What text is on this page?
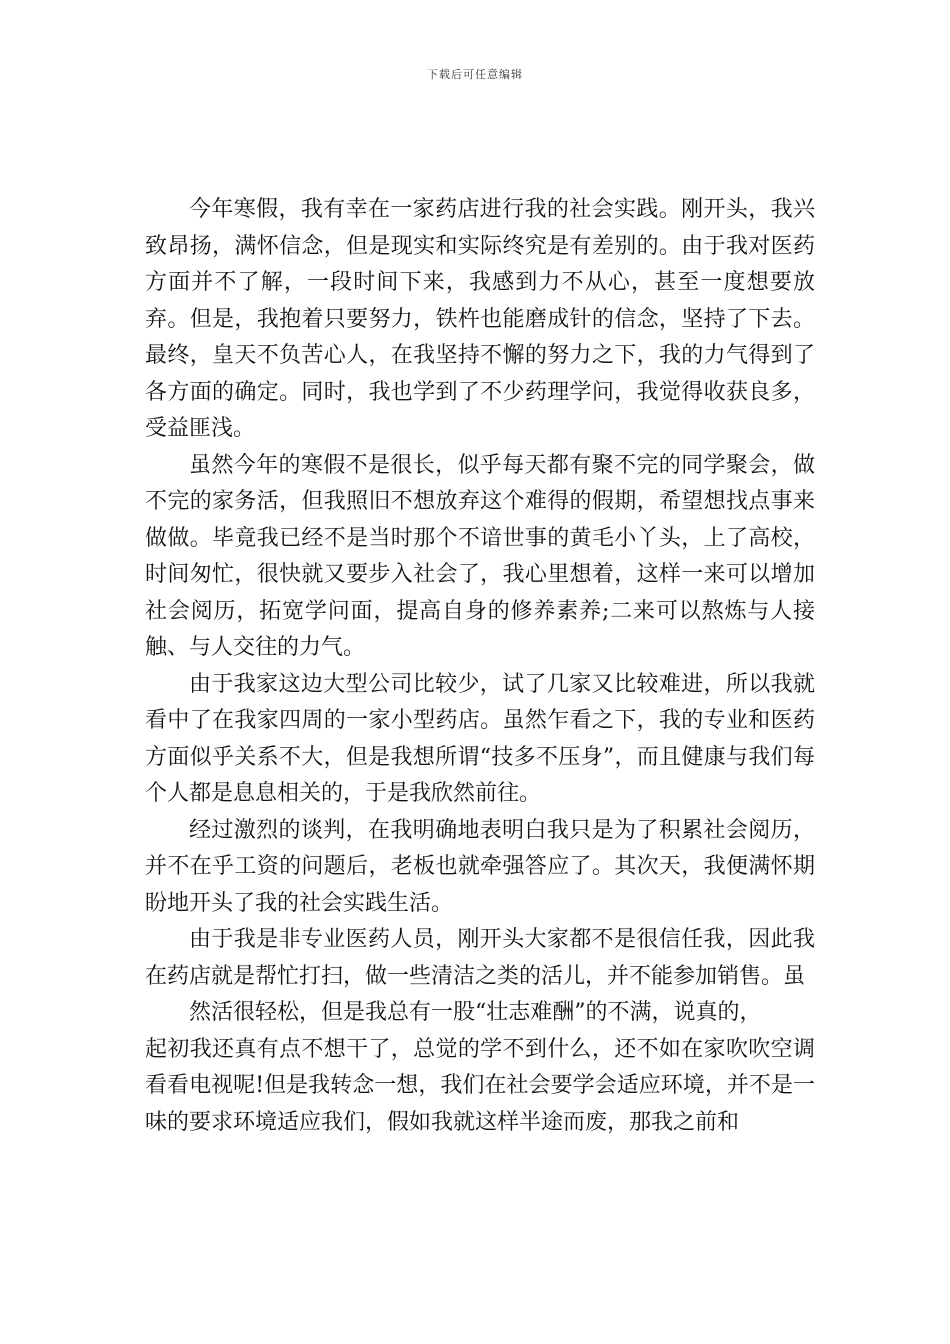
下载后可任意编辑

今年寒假，我有幸在一家药店进行我的社会实践。刚开头，我兴致昂扬，满怀信念，但是现实和实际终究是有差别的。由于我对医药方面并不了解，一段时间下来，我感到力不从心，甚至一度想要放弃。但是，我抱着只要努力，铁杵也能磨成针的信念，坚持了下去。最终，皇天不负苦心人，在我坚持不懈的努力之下，我的力气得到了各方面的确定。同时，我也学到了不少药理学问，我觉得收获良多，受益匪浅。

虽然今年的寒假不是很长，似乎每天都有聚不完的同学聚会，做不完的家务活，但我照旧不想放弃这个难得的假期，希望想找点事来做做。毕竟我已经不是当时那个不谙世事的黄毛小丫头，上了高校，时间匆忙，很快就又要步入社会了，我心里想着，这样一来可以增加社会阅历，拓宽学问面，提高自身的修养素养;二来可以熬炼与人接触、与人交往的力气。

由于我家这边大型公司比较少，试了几家又比较难进，所以我就看中了在我家四周的一家小型药店。虽然乍看之下，我的专业和医药方面似乎关系不大，但是我想所谓“技多不压身”，而且健康与我们每个人都是息息相关的，于是我欣然前往。

经过激烈的谈判，在我明确地表明白我只是为了积累社会阅历，并不在乎工资的问题后，老板也就牵强答应了。其次天，我便满怀期盼地开头了我的社会实践生活。

由于我是非专业医药人员，刚开头大家都不是很信任我，因此我在药店就是帮忙打扫，做一些清洁之类的活儿，并不能参加销售。虽

然活很轻松，但是我总有一股“壮志难酬”的不满，说真的，

起初我还真有点不想干了，总觉的学不到什么，还不如在家吹吹空调看看电视呢!但是我转念一想，我们在社会要学会适应环境，并不是一味的要求环境适应我们，假如我就这样半途而废，那我之前和
